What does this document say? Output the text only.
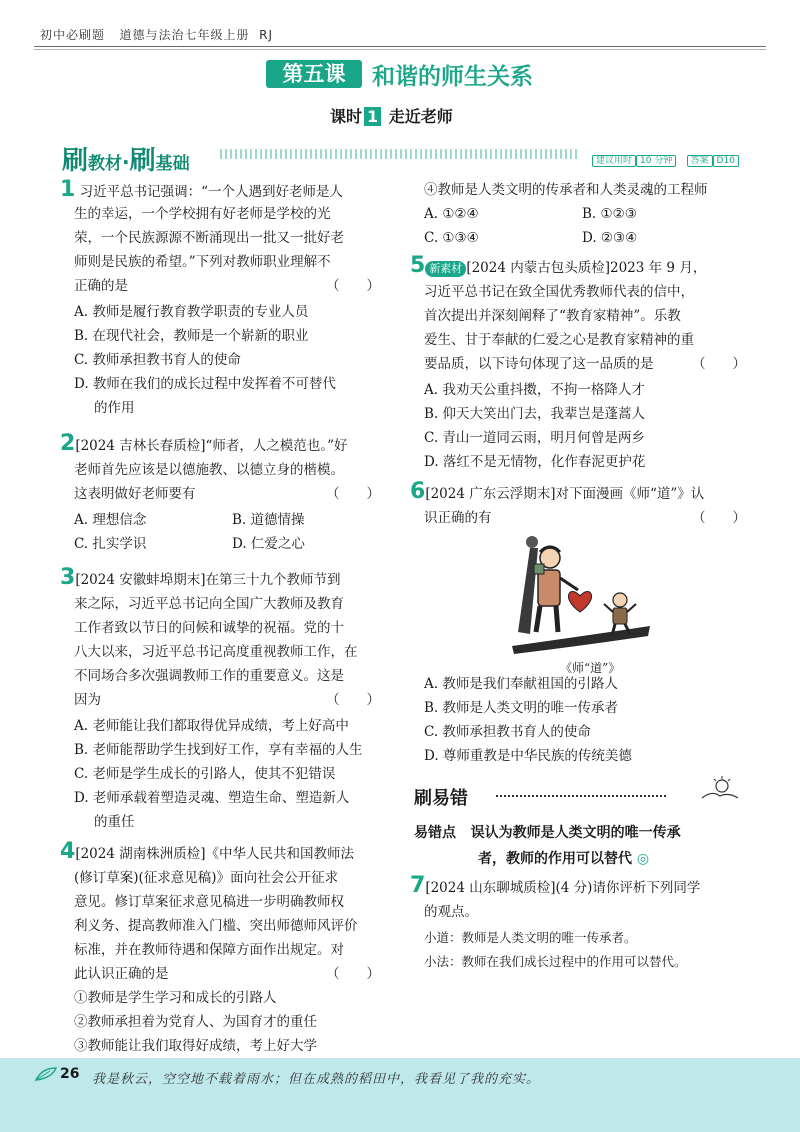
初中必刷题 道德与法治七年级上册 RJ
第五课	和谐的师生关系
课时 1 走近老师
刷教材·刷基础	建议用时 10 分钟 答案 D10
1 习近平总书记强调：“一个人遇到好老师是人
生的幸运，一个学校拥有好老师是学校的光
荣，一个民族源源不断涌现出一批又一批好老
师则是民族的希望。”下列对教师职业理解不
正确的是	（　　）
A. 教师是履行教育教学职责的专业人员
B. 在现代社会，教师是一个崭新的职业
C. 教师承担教书育人的使命
D. 教师在我们的成长过程中发挥着不可替代
的作用
2[2024 吉林长春质检]“师者，人之模范也。”好
老师首先应该是以德施教、以德立身的楷模。
这表明做好老师要有	（　　）
A. 理想信念	B. 道德情操
C. 扎实学识	D. 仁爱之心
3[2024 安徽蚌埠期末]在第三十九个教师节到
来之际，习近平总书记向全国广大教师及教育
工作者致以节日的问候和诚挚的祝福。党的十
八大以来，习近平总书记高度重视教师工作，在
不同场合多次强调教师工作的重要意义。这是
因为	（　　）
A. 老师能让我们都取得优异成绩，考上好高中
B. 老师能帮助学生找到好工作，享有幸福的人生
C. 老师是学生成长的引路人，使其不犯错误
D. 老师承载着塑造灵魂、塑造生命、塑造新人
的重任
4[2024 湖南株洲质检]《中华人民共和国教师法
(修订草案)(征求意见稿)》面向社会公开征求
意见。修订草案征求意见稿进一步明确教师权
利义务、提高教师准入门槛、突出师德师风评价
标准，并在教师待遇和保障方面作出规定。对
此认识正确的是	（　　）
①教师是学生学习和成长的引路人
②教师承担着为党育人、为国育才的重任
③教师能让我们取得好成绩，考上好大学
④教师是人类文明的传承者和人类灵魂的工程师
A. ①②④	B. ①②③
C. ①③④	D. ②③④
5 新素材 [2024 内蒙古包头质检]2023 年 9 月，
习近平总书记在致全国优秀教师代表的信中，
首次提出并深刻阐释了“教育家精神”。乐教
爱生、甘于奉献的仁爱之心是教育家精神的重
要品质，以下诗句体现了这一品质的是	（　　）
A. 我劝天公重抖擞，不拘一格降人才
B. 仰天大笑出门去，我辈岂是蓬蒿人
C. 青山一道同云雨，明月何曾是两乡
D. 落红不是无情物，化作春泥更护花
6[2024 广东云浮期末]对下面漫画《师“道”》认
识正确的有	（　　）
《师“道”》
A. 教师是我们奉献祖国的引路人
B. 教师是人类文明的唯一传承者
C. 教师承担教书育人的使命
D. 尊师重教是中华民族的传统美德
刷易错
易错点 误认为教师是人类文明的唯一传承
者，教师的作用可以替代 ◎
7[2024 山东聊城质检](4 分)请你评析下列同学
的观点。
小道：教师是人类文明的唯一传承者。
小法：教师在我们成长过程中的作用可以替代。
26 我是秋云，空空地不载着雨水；但在成熟的稻田中，我看见了我的充实。
